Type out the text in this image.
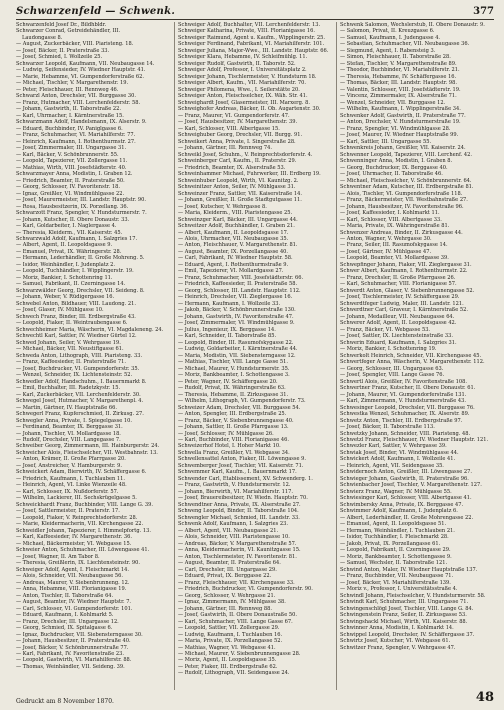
Schwarzenfeld — Schwenk.	377
Schwarzenfeld Josef Dr., Bildhbldr.
Schwarzer Conrad, Getreidehändler, III.
Laudongasse 8.
— August, Zuckerbäcker, VIII. Piaristeng. 18.
— Josef, Bäcker, II. Praterstraße 33.
— Josef, Schmied, I. Wollzeile 25.
Schwarzer Leopold, Kaufmann, VII. Neubaugasse 14.
— Ludwig, Seifensieder, IV. Wiedner Hauptstr. 41.
— Marie, Hebamme, VI. Gumpendorferstraße 62.
— Michael, Tischler, V. Margarethenstr. 19.
— Peter, Fleischhauer, III. Rennweg 46.
Schwarzl Anton, Drechsler, VII. Burggasse 30.
— Franz, Hutmacher, VIII. Lerchenfelderstr. 58.
— Johann, Gastwirth, II. Taborstraße 22.
— Karl, Uhrmacher, I. Kärntnerstraße 15.
Schwarzmann Adolf, Handelsmann, IX. Alserstr. 9.
— Eduard, Buchbinder, IV. Paniglgasse 6.
— Franz, Schuhmacher, VI. Mariahilferstr. 77.
— Heinrich, Kaufmann, I. Rothenthurmstr. 27.
— Josef, Zimmermaler, III. Ungargasse 31.
— Karl, Bäcker, V. Schönbrunnerstr. 55.
— Leopold, Tapezierer, VII. Zollergasse 11.
— Mathias, Wirth, VIII. Josefstädterstr. 40.
Schwarzmayer Anna, Modistin, I. Graben 12.
— Friedrich, Beamter, II. Praterstraße 50.
— Georg, Schlosser, IV. Favoritenstr. 18.
— Ignaz, Greißler, VI. Windmühlgasse 22.
— Josef, Maurermeister, III. Landstr. Hauptstr. 90.
— Rosa, Hausbesitzerin, IX. Porzellang. 36.
Schwarzott Franz, Spengler, V. Hundsturmerstr. 7.
— Johann, Kutscher, II. Obere Donaustr. 33.
— Karl, Goldarbeiter, I. Naglergasse 4.
— Theresia, Kleiderm., VII. Kaiserstr. 45.
Schwarzwald Adolf, Kaufmann, I. Salzgries 17.
— Albert, Agent, II. Leopoldsgasse 9.
— Emanuel, Privat, IX. Währingerstr. 28.
— Hermann, Lederhändler, II. Große Mohreng. 5.
— Isidor, Weinhändler, I. Judenplatz 2.
— Leopold, Tuchhändler, I. Wipplingerstr. 19.
— Moriz, Bankier, I. Schottenring 11.
— Samuel, Fabrikant, II. Czerningasse 14.
Schwarzwälder Georg, Drechsler, VII. Seideng. 8.
— Johann, Weber, V. Rüdigergasse 16.
Schwebel Anton, Bildhauer, VIII. Laudong. 21.
— Josef, Glaser, IV. Mühlgasse 10.
Schwech Franz, Binder, III. Erdbergstraße 43.
— Leopold, Fiaker, II. Weintraubengasse 6.
Schwechheimer Maria, Wäscherin, VI. Magdaleneng. 24.
Schwechtl Karl, Sattler, IV. Wiedner Gürtel 12.
Schwed Johann, Seiler, V. Wehrgasse 19.
— Michael, Bäcker, VII. Neustiftgasse 61.
Schweda Anton, Lithograph, VIII. Piaristeng. 33.
— Franz, Kaffeesieder, II. Praterstraße 71.
— Josef, Buchdrucker, VI. Gumpendorferstr. 35.
— Wenzel, Schneider, IX. Lichtensteinstr. 52.
Schwedler Adolf, Handschuhm., I. Bauernmarkt 8.
— Emil, Buchhalter, III. Radetzkystr. 15.
— Karl, Zuckerbäcker, VII. Lerchenfelderstr. 30.
Schwegel Josef, Hutmacher, V. Margarethenpl. 4.
— Martin, Gärtner, IV. Hauptstraße 66.
Schwegerl Franz, Kupferschmied, II. Zirkusg. 27.
Schwegler Anna, Private, I. Spiegelgasse 10.
— Ferdinand, Beamter, IX. Berggasse 31.
— Johann, Tischler, VI. Mollardgasse 18.
— Rudolf, Drechsler, VIII. Langegasse 7.
Schweiber Georg, Zimmermann, III. Hainburgerstr. 24.
Schweicher Alois, Fleischselcher, VII. Westbahnstr. 13.
— Anton, Krämer, II. Große Pfarrgasse 20.
— Josef, Anstreicher, V. Hamburgerstr. 9.
Schweickert Adam, Bierwirth, IV. Schäffergasse 6.
— Friedrich, Kaufmann, I. Tuchlauben 11.
— Heinrich, Agent, VI. Linke Wienzeile 48.
— Karl, Schlosser, IX. Nußdorferstr. 57.
— Wilhelm, Lackierer, III. Sechskrügelgasse 5.
Schweickhardt Franz, Buchbinder, VIII. Lange G. 39.
— Josef, Sattlermeister, II. Praterstr. 17.
— Leopold, Fiaker, V. Reinprechtsdorferstr. 28.
— Marie, Kleidermacherin, VII. Kirchengasse 22.
Schweidler Johann, Tapezierer, I. Himmelpfortg. 13.
— Karl, Kaffeesieder, IV. Margarethenstr. 36.
— Michael, Bäckermeister, VI. Webgasse 15.
Schweier Anton, Schuhmacher, III. Löwengasse 41.
— Josef, Wagner, II. Am Tabor 8.
— Theresia, Greißlerin, IX. Liechtensteinstr. 90.
Schweiger Adolf, Agent, I. Fleischmarkt 14.
— Alois, Schneider, VII. Neubaugasse 56.
— Andreas, Maurer, V. Siebenbrunneng. 12.
— Anna, Hebamme, VIII. Florianigasse 19.
— Anton, Tischler, II. Taborstraße 64.
— August, Beamter, IV. Wiedner Hauptstr. 7.
— Carl, Schlosser, VI. Gumpendorferstr. 101.
— Eduard, Kaufmann, I. Kohlmarkt 5.
— Franz, Drechsler, III. Ungargasse 12.
— Georg, Schmied, IX. Spitalgasse 6.
— Ignaz, Buchdrucker, VII. Siebensterngasse 30.
— Johann, Hausbesitzer, II. Praterstraße 40.
— Josef, Bäcker, V. Schönbrunnerstraße 77.
— Karl, Fabrikant, IV. Favoritenstraße 23.
— Leopold, Gastwirth, VI. Mariahilferstr. 88.
— Thomas, Weinhändler, VII. Seideng. 39.
Schweiger Adolf, Buchhalter, VII. Lerchenfelderstr. 13.
Schweiger Katharina, Private, VIII. Florianigasse 16.
Schweiger Raimund, Agent u. Kaufm., Wipplingerstr. 25.
Schweiger Ferdinand, Fabrikant, VI. Mariahilferstr. 101.
Schweiger Juliana, Major-Wwe., III. Landstr. Hauptstr. 66.
Schweiger Klara, Hebamme, IV. Schleifmühlg. 11.
Schweiger Rudolf, Gastwirth, II. Taborstr. 52.
Schweiger Adolf, Professor, I. Universitätsplatz 2.
Schweiger Johann, Tischlermeister, V. Hundsturm 18.
Schweiger Albert, Kaufm., VII. Mariahilferstr. 70.
Schweiger Philomena, Wwe., I. Seilerstätte 20.
Schweiger Anton, Fleischselcher, IX. Wäh. Str. 41.
Schweighardt Josef, Glasermeister, III. Marxerg. 8.
Schweighofer Andreas, Bäcker, II. Ob. Augartenstr. 30.
— Franz, Maurer, VI. Gumpendorferstr. 47.
— Josef, Hausbesitzer, IV. Margarethenstr. 39.
— Karl, Schlosser, VIII. Albertgasse 15.
Schweighuber Georg, Drechsler, VII. Burgg. 91.
Schweikert Anna, Private, I. Singerstraße 28.
— Johann, Gärtner, III. Rennweg 74.
Schweikl Josef, Schuhm., V. Reinprechtsdorferstr. 4.
Schweinberger Carl, Kaufm., II. Praterstr. 29.
— Friedrich, Beamter, IX. Alserstraße 53.
Schweinhammer Michael, Fuhrwerker, III. Erdberg 19.
Schweinhuber Leopold, Wirth, VI. Kaunitzg. 2.
Schweinitzer Anton, Seiler, IV. Mühlgasse 31.
Schweinzer Franz, Sattler, VII. Kaiserstraße 14.
— Johann, Greißler, II. Große Stadtgutgasse 11.
— Josef, Kutscher, V. Wehrgasse 8.
— Maria, Kleiderm., VIII. Piaristengasse 25.
Schweinzger Karl, Bäcker, III. Ungargasse 44.
Schweitzer Adolf, Buchhändler, I. Graben 21.
— Albert, Kaufmann, II. Leopoldsgasse 17.
— Alois, Uhrmacher, VII. Neubaugasse 35.
— Anton, Fleischhauer, V. Margarethenstr. 81.
— August, Beamter, IX. Porzellangasse 40.
— Carl, Fabrikant, IV. Wiedner Hauptstr. 58.
— Eduard, Agent, I. Rothenthurmstraße 9.
— Emil, Tapezierer, VI. Mollardgasse 27.
— Franz, Schuhmacher, VIII. Josefstädterstr. 66.
— Friedrich, Kaffeesieder, II. Praterstraße 58.
— Georg, Schlosser, III. Landstr. Hauptstr. 112.
— Heinrich, Drechsler, VII. Zieglergasse 16.
— Hermann, Kaufmann, I. Wollzeile 33.
— Jakob, Bäcker, V. Schönbrunnerstraße 130.
— Johann, Gastwirth, IV. Favoritenstraße 47.
— Josef, Zimmermaler, VI. Windmühlgasse 9.
— Julius, Ingenieur, IX. Berggasse 14.
— Karl, Schneider, II. Taborstraße 85.
— Leopold, Binder, III. Rasumofskygasse 22.
— Ludwig, Goldarbeiter, I. Kärntnerstraße 44.
— Maria, Modistin, VII. Siebensterngasse 12.
— Mathias, Tischler, VIII. Lange Gasse 51.
— Michael, Maurer, V. Hundsturmerstr. 35.
— Moriz, Bankbeamter, I. Schottengasse 3.
— Peter, Wagner, IV. Schäffergasse 20.
— Rudolf, Privat, IX. Währingerstraße 63.
— Theresia, Hebamme, II. Zirkusgasse 31.
— Wilhelm, Lithograph, VI. Gumpendorferstr. 73.
Schweizer Adam, Drechsler, VII. Burggasse 54.
— Anton, Spengler, III. Erdbergstraße 25.
— Franz, Bäcker, V. Siebenbrunnengasse 40.
— Johann, Sattler, II. Große Pfarrgasse 13.
— Josef, Schlosser, IV. Mühlgasse 26.
— Karl, Buchbinder, VIII. Florianigasse 46.
Schweizerhof Hotel, I. Hoher Markt 10.
Schwella Franz, Greißler, VI. Webgasse 34.
Schwellensattel Anton, Fiaker, III. Löwengasse 9.
Schwemberger Josef, Tischler, VII. Kaiserstr. 71.
Schwemmer Karl, Kaufm., I. Bauernmarkt 17.
Schwender Carl, Etablissement, XV. Schwenderg. 1.
— Franz, Gastwirth, V. Hundsturmerstr. 12.
— Johann, Bierwirth, VI. Mariahilferstr. 117.
— Josef, Brauereibesitzer, IV. Wiedn. Hauptstr. 70.
Schwendtner Anna, Private, IX. Alserstraße 27.
Schweng Leopold, Binder, II. Taborstraße 104.
Schwengler Michael, Schmied, III. Landstr. 33.
Schwenk Adolf, Kaufmann, I. Salzgries 23.
— Albert, Agent, VII. Neubaugasse 21.
— Alois, Schneider, VIII. Piaristengasse 10.
— Andreas, Bäcker, V. Margarethenstraße 57.
— Anna, Kleidermacherin, VI. Kaunitzgasse 15.
— Anton, Tischlermeister, IV. Favoritenstr. 81.
— August, Beamter, II. Praterstraße 64.
— Carl, Drechsler, III. Ungargasse 29.
— Eduard, Privat, IX. Berggasse 22.
— Franz, Fleischhauer, VII. Kirchengasse 33.
— Friedrich, Buchdrucker, VI. Gumpendorferstr. 90.
— Georg, Schlosser, V. Wehrgasse 21.
— Ignaz, Zimmermann, IV. Mühlgasse 38.
— Johann, Gärtner, III. Rennweg 88.
— Josef, Gastwirth, II. Obere Donaustraße 50.
— Karl, Schuhmacher, VIII. Lange Gasse 67.
— Leopold, Sattler, VII. Zollergasse 29.
— Ludwig, Kaufmann, I. Tuchlauben 16.
— Maria, Private, IX. Porzellangasse 52.
— Mathias, Wagner, VI. Webgasse 41.
— Michael, Maurer, V. Siebenbrunnengasse 28.
— Moriz, Agent, II. Leopoldsgasse 35.
— Peter, Fiaker, III. Erdbergstraße 62.
— Rudolf, Lithograph, VII. Seidengasse 24.
Schwenk Salomon, Wechslerstub, II. Obere Donaustr. 9.
— Salomon, Privat, II. Kreuzgasse 6.
— Samuel, Kaufmann, I. Judengasse 4.
— Sebastian, Schuhmacher, VII. Neubaugasse 36.
— Siegmund, Agent, I. Rabensteig 3.
— Simon, Fleischhauer, II. Taborstraße 28.
— Stefan, Tischler, V. Margarethenstraße 89.
— Theodor, Buchbinder, VI. Mariahilferstr. 21.
— Theresia, Hebamme, IV. Schäffergasse 16.
— Thomas, Bäcker, III. Landstr. Hauptstr. 98.
— Valentin, Schlosser, VIII. Josefstädterstr. 19.
— Vincenz, Zimmermaler, IX. Alserstraße 71.
— Wenzel, Schneider, VII. Burggasse 12.
— Wilhelm, Kaufmann, I. Wipplingerstraße 34.
Schwenker Adolf, Gastwirth, II. Praterstraße 77.
— Anton, Drechsler, V. Hundsturmerstraße 19.
— Franz, Spengler, VI. Windmühlgasse 28.
— Josef, Maurer, IV. Wiedner Hauptstraße 99.
— Karl, Sattler, III. Ungargasse 55.
Schwenkreis Johann, Greißler, VII. Kaiserstr. 24.
Schwenner Leopold, Tapezierer, VIII. Lerchenf. 42.
Schwenninger Anna, Modistin, I. Graben 8.
— Georg, Buchdrucker, IX. Berggasse 40.
— Josef, Uhrmacher, II. Taborstraße 46.
— Michael, Fleischselcher, V. Schönbrunnerstr. 64.
Schwentner Adam, Kutscher, III. Erdbergstraße 81.
— Alois, Tischler, VI. Gumpendorferstraße 118.
— Franz, Bäckermeister, VII. Westbahnstraße 27.
— Johann, Hausbesitzer, IV. Favoritenstraße 96.
— Josef, Kaffeesieder, I. Kohlmarkt 11.
— Karl, Schlosser, VIII. Albertgasse 33.
— Maria, Private, IX. Währingerstraße 81.
Schwenzer Andreas, Binder, II. Zirkusgasse 44.
— Anton, Wagner, V. Wehrgasse 30.
— Franz, Seiler, III. Rasumofskygasse 14.
— Josef, Gärtner, IV. Mühlgasse 47.
— Leopold, Beamter, VI. Mollardgasse 39.
Schwepfinger Johann, Fiaker, VII. Zieglergasse 31.
Schwer Albert, Kaufmann, I. Rothenthurmstr. 22.
— Franz, Drechsler, II. Große Pfarrgasse 26.
— Karl, Schuhmacher, VIII. Florianigasse 57.
Schwerdt Anton, Glaser, V. Siebenbrunnengasse 52.
— Josef, Tischlermeister, IV. Schäffergasse 29.
Schwerdtfeger Ludwig, Maler, III. Landstr. 121.
Schwerdtner Carl, Graveur, I. Kärntnerstraße 52.
— Johann, Medailleur, VII. Neubaugasse 64.
Schwerer Adolf, Agent, II. Leopoldsgasse 42.
— Franz, Bäcker, VI. Webgasse 53.
— Josef, Sattler, IX. Liechtensteinstraße 33.
Schwerin Eduard, Kaufmann, I. Salzgries 31.
— Moriz, Bankier, I. Schottenring 19.
Schwerkolt Heinrich, Schneider, VII. Kirchengasse 45.
Schwertfeger Anna, Wäscherin, V. Margarethenstr. 112.
— Georg, Schlosser, III. Ungargasse 63.
— Josef, Spengler, VIII. Lange Gasse 76.
Schwertl Alois, Greißler, IV. Favoritenstraße 108.
Schwertner Franz, Kutscher, II. Obere Donaustr. 61.
— Johann, Maurer, VI. Gumpendorferstraße 131.
— Karl, Zimmermann, V. Hundsturmerstraße 43.
Schwesinger Leopold, Drechsler, VII. Burggasse 76.
Schwestka Wenzel, Schuhmacher, IX. Alserstr. 89.
Schwetz Anton, Tischler, III. Erdbergstraße 97.
— Josef, Bäcker, II. Taborstraße 113.
Schwetzky Johann, Schneider, VIII. Piaristeng. 48.
Schwetzl Franz, Fleischhauer, IV. Wiedner Hauptstr. 121.
Schwezler Karl, Sattler, V. Wehrgasse 39.
Schwiak Josef, Binder, VI. Windmühlgasse 44.
Schwickert Adolf, Kaufmann, I. Wollzeile 41.
— Heinrich, Agent, VII. Seidengasse 35.
Schwidernoch Anton, Greißler, III. Löwengasse 27.
Schwieger Johann, Gastwirth, II. Praterstraße 96.
Schwienbacher Josef, Tischler, V. Margarethenstr. 127.
Schwierz Franz, Wagner, IV. Mühlgasse 55.
Schwiesinger Karl, Schlosser, VIII. Albertgasse 41.
Schwimbersky Anna, Private, IX. Berggasse 47.
Schwimmer Adolf, Kaufmann, I. Judenplatz 6.
— Albert, Lederhändler, II. Große Mohrengasse 22.
— Emanuel, Agent, II. Leopoldsgasse 51.
— Hermann, Weinhändler, I. Tuchlauben 21.
— Isidor, Tuchhändler, I. Fleischmarkt 28.
— Jakob, Privat, IX. Porzellangasse 61.
— Leopold, Fabrikant, II. Czerningasse 29.
— Moriz, Bankbeamter, I. Schottengasse 9.
— Samuel, Wechsler, II. Taborstraße 121.
Schwind Anton, Maler, IV. Wiedner Hauptstraße 137.
— Franz, Buchbinder, VII. Neubaugasse 71.
— Josef, Bäcker, VI. Mariahilferstraße 139.
— Moriz v., Professor, I. Universitätsstraße 4.
Schwindl Johann, Fleischselcher, V. Hundsturmerstr. 58.
Schwindt Karl, Schuhmacher, III. Ungargasse 71.
Schwingenschlögl Josef, Tischler, VIII. Lange G. 84.
Schwingenstein Franz, Seiler, II. Zirkusgasse 53.
Schwingshackl Michael, Wirth, VII. Kaiserstr. 88.
Schwinner Anna, Modistin, I. Kohlmarkt 14.
Schwippel Leopold, Drechsler, IV. Schäffergasse 37.
Schwirtz Josef, Kutscher, VI. Webgasse 61.
Schwitzer Franz, Spengler, V. Wehrgasse 47.
Gedruckt am 8 November 1870.	48
